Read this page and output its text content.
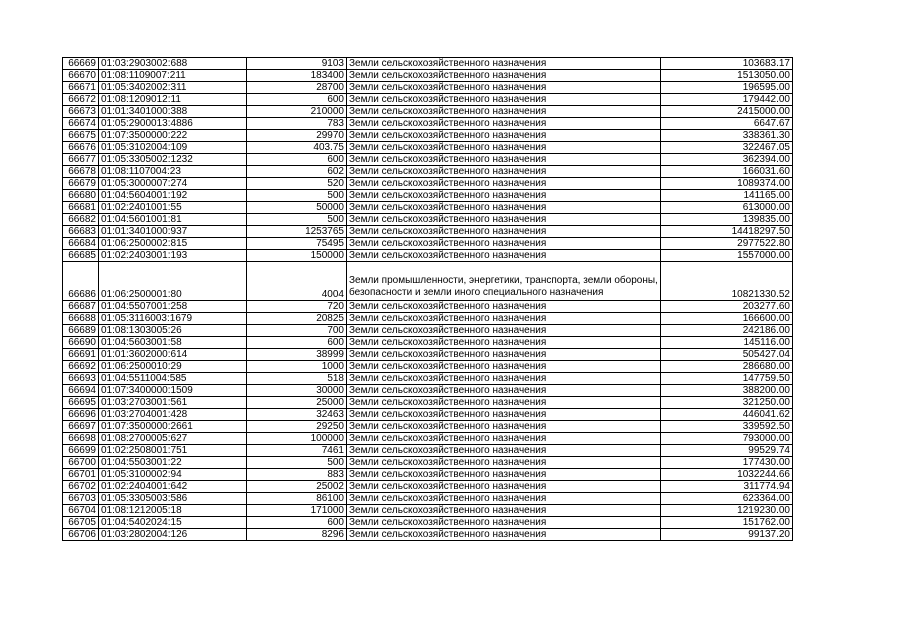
66669	01:03:2903002:688	9103	Земли сельскохозяйственного назначения	103683.17
66670	01:08:1109007:211	183400	Земли сельскохозяйственного назначения	1513050.00
66671	01:05:3402002:311	28700	Земли сельскохозяйственного назначения	196595.00
66672	01:08:1209012:11	600	Земли сельскохозяйственного назначения	179442.00
66673	01:01:3401000:388	210000	Земли сельскохозяйственного назначения	2415000.00
66674	01:05:2900013:4886	783	Земли сельскохозяйственного назначения	6647.67
66675	01:07:3500000:222	29970	Земли сельскохозяйственного назначения	338361.30
66676	01:05:3102004:109	403.75	Земли сельскохозяйственного назначения	322467.05
66677	01:05:3305002:1232	600	Земли сельскохозяйственного назначения	362394.00
66678	01:08:1107004:23	602	Земли сельскохозяйственного назначения	166031.60
66679	01:05:3000007:274	520	Земли сельскохозяйственного назначения	1089374.00
66680	01:04:5604001:192	500	Земли сельскохозяйственного назначения	141165.00
66681	01:02:2401001:55	50000	Земли сельскохозяйственного назначения	613000.00
66682	01:04:5601001:81	500	Земли сельскохозяйственного назначения	139835.00
66683	01:01:3401000:937	1253765	Земли сельскохозяйственного назначения	14418297.50
66684	01:06:2500002:815	75495	Земли сельскохозяйственного назначения	2977522.80
66685	01:02:2403001:193	150000	Земли сельскохозяйственного назначения	1557000.00
66686	01:06:2500001:80	4004	Земли промышленности, энергетики, транспорта, земли обороны, безопасности и земли иного специального назначения	10821330.52
66687	01:04:5507001:258	720	Земли сельскохозяйственного назначения	203277.60
66688	01:05:3116003:1679	20825	Земли сельскохозяйственного назначения	166600.00
66689	01:08:1303005:26	700	Земли сельскохозяйственного назначения	242186.00
66690	01:04:5603001:58	600	Земли сельскохозяйственного назначения	145116.00
66691	01:01:3602000:614	38999	Земли сельскохозяйственного назначения	505427.04
66692	01:06:2500010:29	1000	Земли сельскохозяйственного назначения	286680.00
66693	01:04:5511004:585	518	Земли сельскохозяйственного назначения	147759.50
66694	01:07:3400000:1509	30000	Земли сельскохозяйственного назначения	388200.00
66695	01:03:2703001:561	25000	Земли сельскохозяйственного назначения	321250.00
66696	01:03:2704001:428	32463	Земли сельскохозяйственного назначения	446041.62
66697	01:07:3500000:2661	29250	Земли сельскохозяйственного назначения	339592.50
66698	01:08:2700005:627	100000	Земли сельскохозяйственного назначения	793000.00
66699	01:02:2508001:751	7461	Земли сельскохозяйственного назначения	99529.74
66700	01:04:5503001:22	500	Земли сельскохозяйственного назначения	177430.00
66701	01:05:3100002:94	883	Земли сельскохозяйственного назначения	1032244.66
66702	01:02:2404001:642	25002	Земли сельскохозяйственного назначения	311774.94
66703	01:05:3305003:586	86100	Земли сельскохозяйственного назначения	623364.00
66704	01:08:1212005:18	171000	Земли сельскохозяйственного назначения	1219230.00
66705	01:04:5402024:15	600	Земли сельскохозяйственного назначения	151762.00
66706	01:03:2802004:126	8296	Земли сельскохозяйственного назначения	99137.20
